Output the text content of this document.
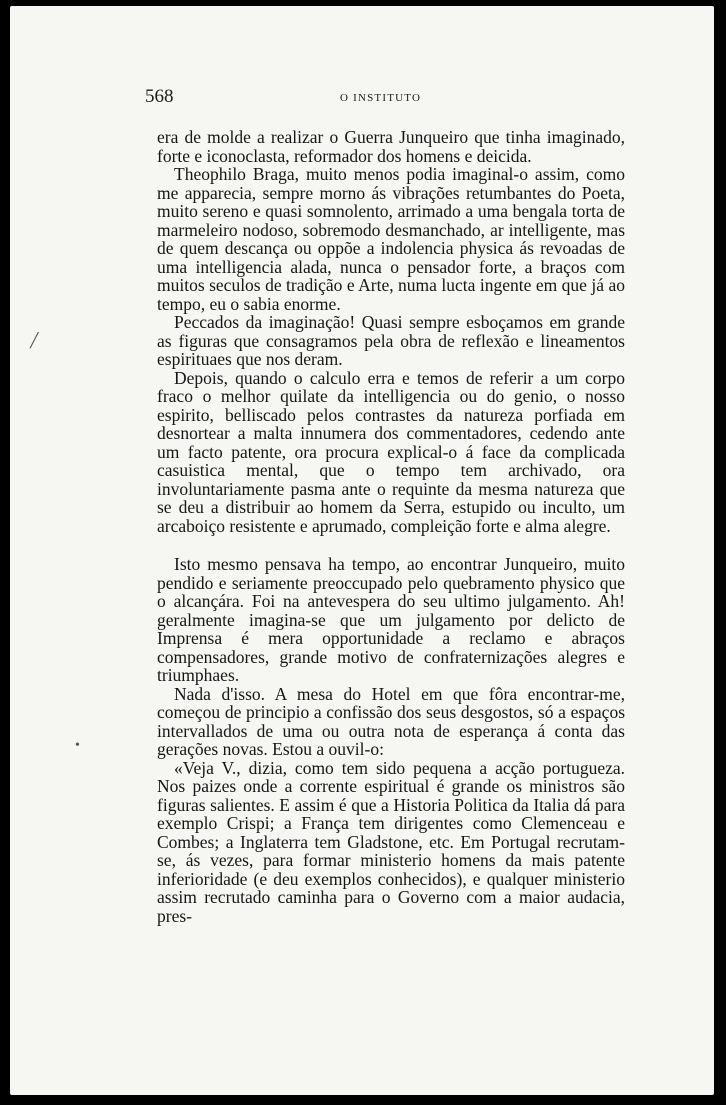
568	O INSTITUTO

era de molde a realizar o Guerra Junqueiro que tinha imaginado, forte e iconoclasta, reformador dos homens e deicida.

Theophilo Braga, muito menos podia imaginal-o assim, como me apparecia, sempre morno ás vibrações retumbantes do Poeta, muito sereno e quasi somnolento, arrimado a uma bengala torta de marmeleiro nodoso, sobremodo desmanchado, ar intelligente, mas de quem descança ou oppõe a indolencia physica ás revoadas de uma intelligencia alada, nunca o pensador forte, a braços com muitos seculos de tradição e Arte, numa lucta ingente em que já ao tempo, eu o sabia enorme.

Peccados da imaginação! Quasi sempre esboçamos em grande as figuras que consagramos pela obra de reflexão e lineamentos espirituaes que nos deram.

Depois, quando o calculo erra e temos de referir a um corpo fraco o melhor quilate da intelligencia ou do genio, o nosso espirito, belliscado pelos contrastes da natureza porfiada em desnortear a malta innumera dos commentadores, cedendo ante um facto patente, ora procura explical-o á face da complicada casuistica mental, que o tempo tem archivado, ora involuntariamente pasma ante o requinte da mesma natureza que se deu a distribuir ao homem da Serra, estupido ou inculto, um arcaboiço resistente e aprumado, compleição forte e alma alegre.

Isto mesmo pensava ha tempo, ao encontrar Junqueiro, muito pendido e seriamente preoccupado pelo quebramento physico que o alcançára. Foi na antevespera do seu ultimo julgamento. Ah! geralmente imagina-se que um julgamento por delicto de Imprensa é mera opportunidade a reclamo e abraços compensadores, grande motivo de confraternizações alegres e triumphaes.

Nada d'isso. A mesa do Hotel em que fôra encontrar-me, começou de principio a confissão dos seus desgostos, só a espaços intervallados de uma ou outra nota de esperança á conta das gerações novas. Estou a ouvil-o:

«Veja V., dizia, como tem sido pequena a acção portugueza. Nos paizes onde a corrente espiritual é grande os ministros são figuras salientes. E assim é que a Historia Politica da Italia dá para exemplo Crispi; a França tem dirigentes como Clemenceau e Combes; a Inglaterra tem Gladstone, etc. Em Portugal recrutam-se, ás vezes, para formar ministerio homens da mais patente inferioridade (e deu exemplos conhecidos), e qualquer ministerio assim recrutado caminha para o Governo com a maior audacia, pres-

╱
•
